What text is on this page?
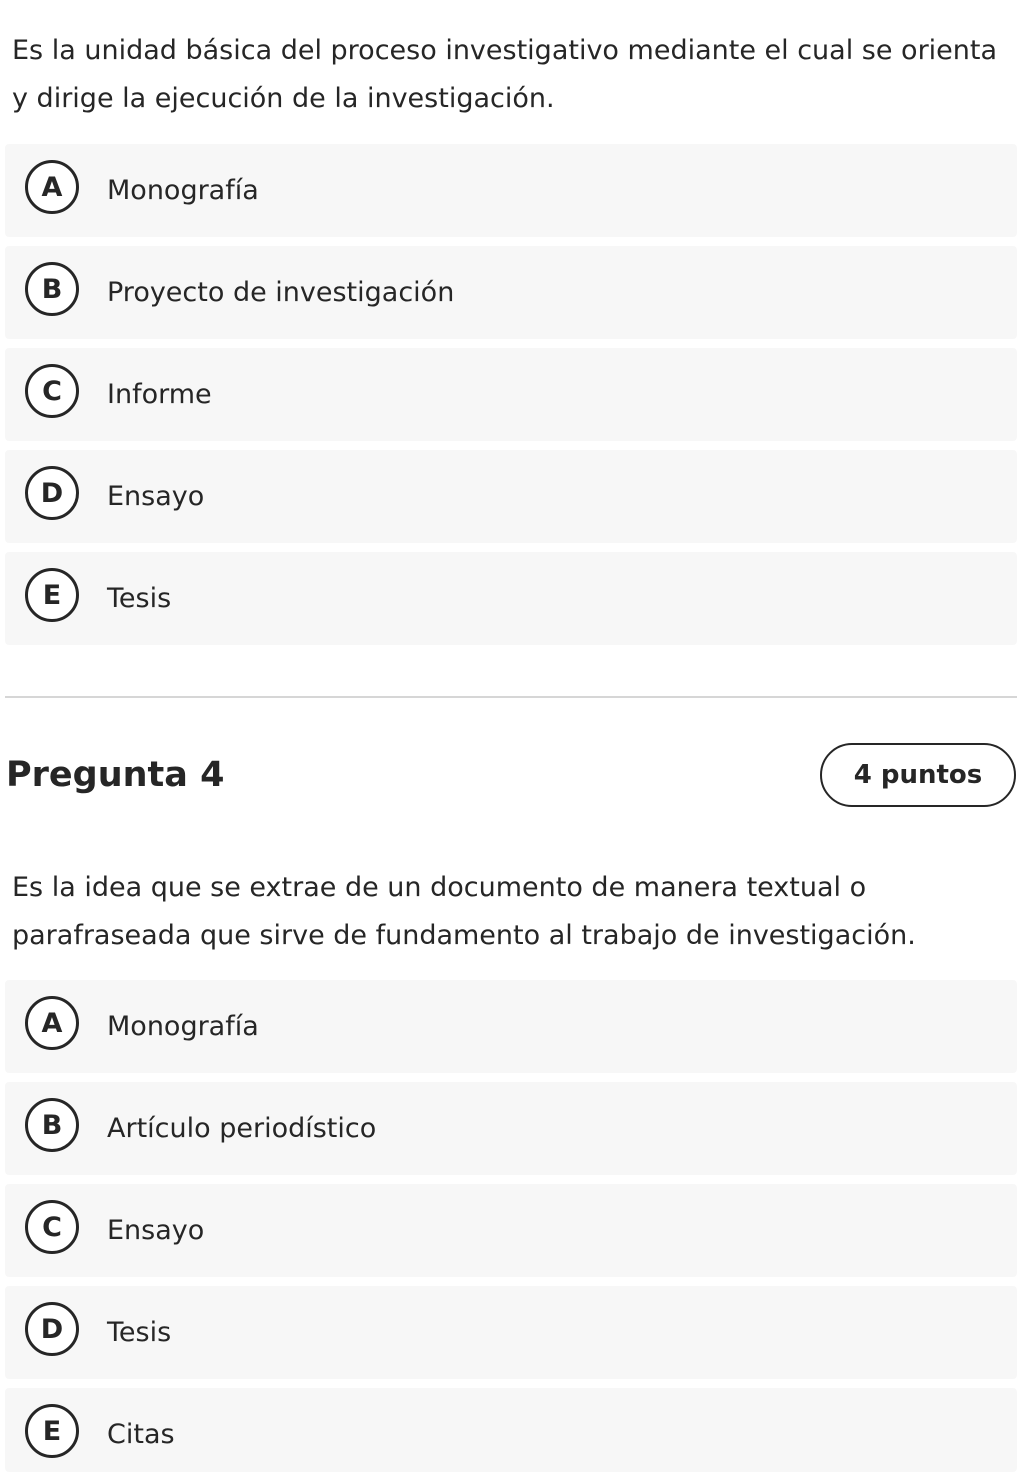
Es la unidad básica del proceso investigativo mediante el cual se orienta y dirige la ejecución de la investigación.

A	Monografía
B	Proyecto de investigación
C	Informe
D	Ensayo
E	Tesis
Pregunta 4	4 puntos

Es la idea que se extrae de un documento de manera textual o parafraseada que sirve de fundamento al trabajo de investigación.

A	Monografía
B	Artículo periodístico
C	Ensayo
D	Tesis
E	Citas
